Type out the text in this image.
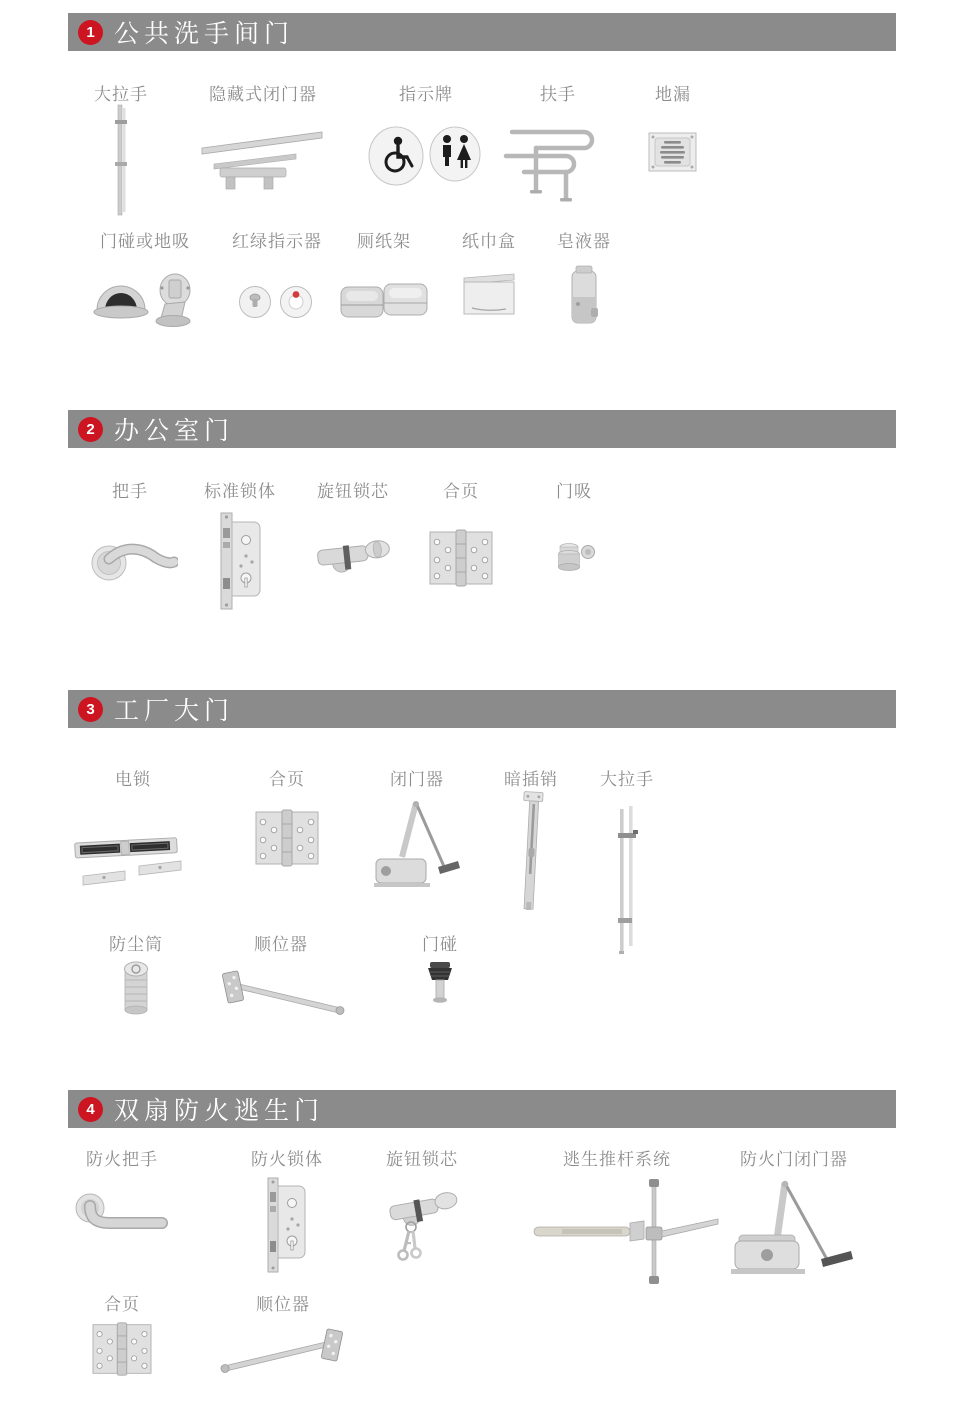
1 公共洗手间门
大拉手	隐藏式闭门器	指示牌	扶手	地漏
门碰或地吸	红绿指示器	厕纸架	纸巾盒	皂液器
2 办公室门
把手	标准锁体	旋钮锁芯	合页	门吸
3 工厂大门
电锁	合页	闭门器	暗插销	大拉手
防尘筒	顺位器	门碰
4 双扇防火逃生门
防火把手	防火锁体	旋钮锁芯	逃生推杆系统	防火门闭门器
合页	顺位器
